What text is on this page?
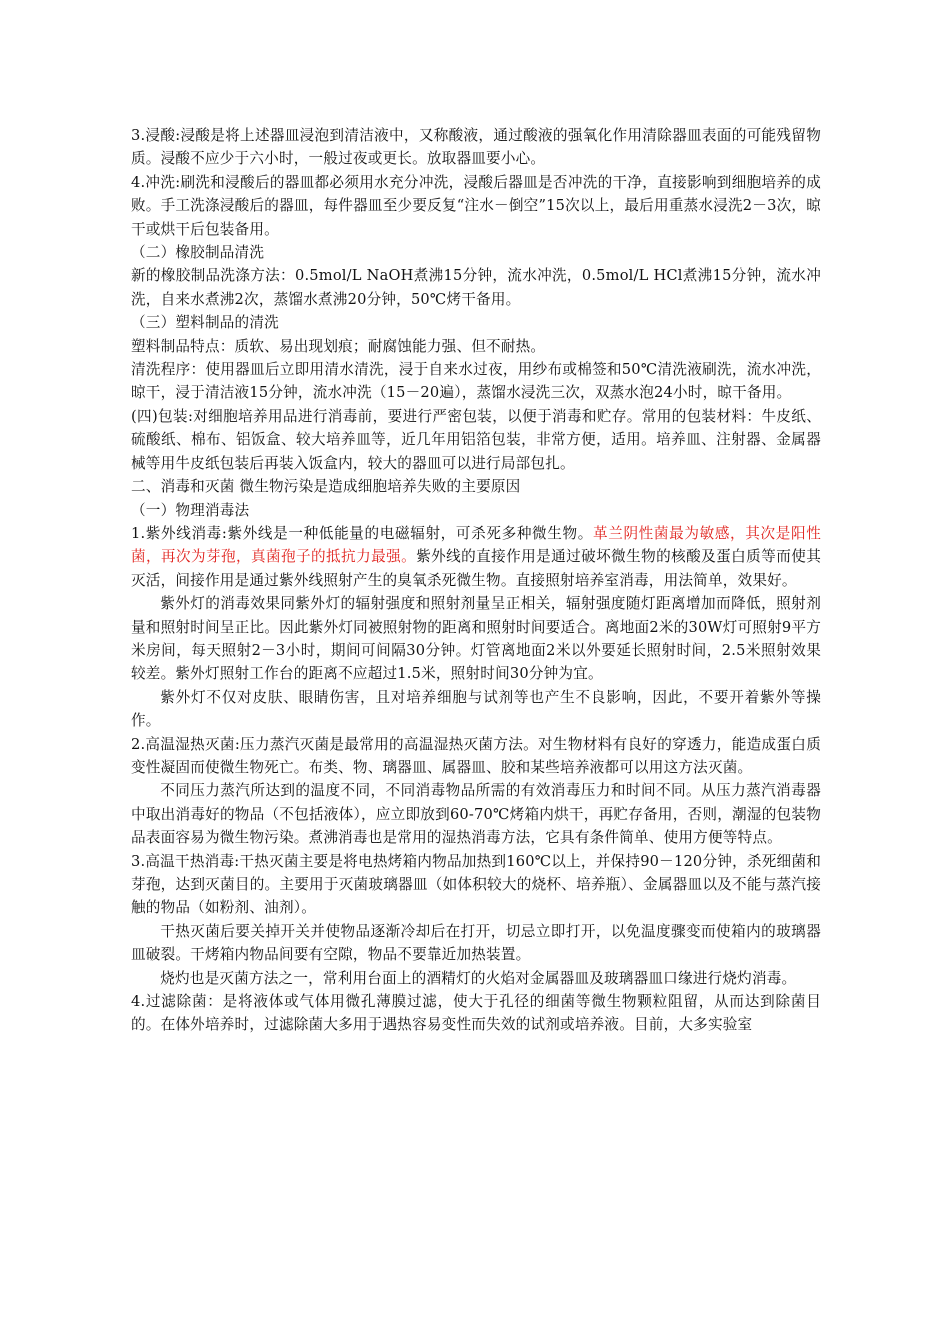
3.浸酸:浸酸是将上述器皿浸泡到清洁液中，又称酸液，通过酸液的强氧化作用清除器皿表面的可能残留物质。浸酸不应少于六小时，一般过夜或更长。放取器皿要小心。

4.冲洗:刷洗和浸酸后的器皿都必须用水充分冲洗，浸酸后器皿是否冲洗的干净，直接影响到细胞培养的成败。手工洗涤浸酸后的器皿，每件器皿至少要反复“注水－倒空”15次以上，最后用重蒸水浸洗2－3次，晾干或烘干后包装备用。

（二）橡胶制品清洗

新的橡胶制品洗涤方法：0.5mol/L NaOH煮沸15分钟，流水冲洗，0.5mol/L HCl煮沸15分钟，流水冲洗，自来水煮沸2次，蒸馏水煮沸20分钟，50℃烤干备用。

（三）塑料制品的清洗

塑料制品特点：质软、易出现划痕；耐腐蚀能力强、但不耐热。

清洗程序：使用器皿后立即用清水清洗，浸于自来水过夜，用纱布或棉签和50℃清洗液刷洗，流水冲洗，晾干，浸于清洁液15分钟，流水冲洗（15－20遍），蒸馏水浸洗三次，双蒸水泡24小时，晾干备用。

(四)包装:对细胞培养用品进行消毒前，要进行严密包装，以便于消毒和贮存。常用的包装材料：牛皮纸、硫酸纸、棉布、铝饭盒、较大培养皿等，近几年用铝箔包装，非常方便，适用。培养皿、注射器、金属器械等用牛皮纸包装后再装入饭盒内，较大的器皿可以进行局部包扎。

二、消毒和灭菌 微生物污染是造成细胞培养失败的主要原因

（一）物理消毒法

1.紫外线消毒:紫外线是一种低能量的电磁辐射，可杀死多种微生物。革兰阴性菌最为敏感，其次是阳性菌，再次为芽孢，真菌孢子的抵抗力最强。紫外线的直接作用是通过破坏微生物的核酸及蛋白质等而使其灭活，间接作用是通过紫外线照射产生的臭氧杀死微生物。直接照射培养室消毒，用法简单，效果好。

紫外灯的消毒效果同紫外灯的辐射强度和照射剂量呈正相关，辐射强度随灯距离增加而降低，照射剂量和照射时间呈正比。因此紫外灯同被照射物的距离和照射时间要适合。离地面2米的30W灯可照射9平方米房间，每天照射2－3小时，期间可间隔30分钟。灯管离地面2米以外要延长照射时间，2.5米照射效果较差。紫外灯照射工作台的距离不应超过1.5米，照射时间30分钟为宜。

紫外灯不仅对皮肤、眼睛伤害，且对培养细胞与试剂等也产生不良影响，因此，不要开着紫外等操作。

2.高温湿热灭菌:压力蒸汽灭菌是最常用的高温湿热灭菌方法。对生物材料有良好的穿透力，能造成蛋白质变性凝固而使微生物死亡。布类、物、璃器皿、属器皿、胶和某些培养液都可以用这方法灭菌。

不同压力蒸汽所达到的温度不同，不同消毒物品所需的有效消毒压力和时间不同。从压力蒸汽消毒器中取出消毒好的物品（不包括液体），应立即放到60-70℃烤箱内烘干，再贮存备用，否则，潮湿的包装物品表面容易为微生物污染。煮沸消毒也是常用的湿热消毒方法，它具有条件简单、使用方便等特点。

3.高温干热消毒:干热灭菌主要是将电热烤箱内物品加热到160℃以上，并保持90－120分钟，杀死细菌和芽孢，达到灭菌目的。主要用于灭菌玻璃器皿（如体积较大的烧杯、培养瓶）、金属器皿以及不能与蒸汽接触的物品（如粉剂、油剂）。

干热灭菌后要关掉开关并使物品逐渐冷却后在打开，切忌立即打开，以免温度骤变而使箱内的玻璃器皿破裂。干烤箱内物品间要有空隙，物品不要靠近加热装置。

烧灼也是灭菌方法之一，常利用台面上的酒精灯的火焰对金属器皿及玻璃器皿口缘进行烧灼消毒。

4.过滤除菌：是将液体或气体用微孔薄膜过滤，使大于孔径的细菌等微生物颗粒阻留，从而达到除菌目的。在体外培养时，过滤除菌大多用于遇热容易变性而失效的试剂或培养液。目前，大多实验室
